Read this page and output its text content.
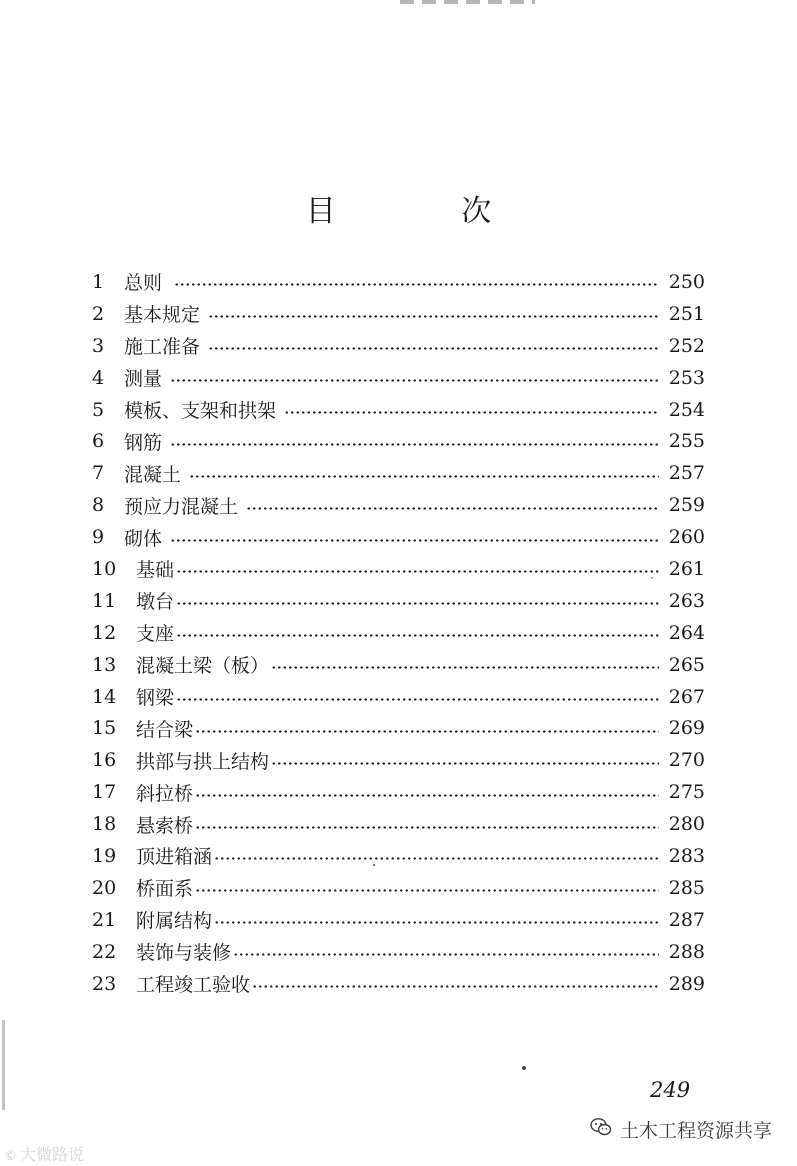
目 次
1	总则	250
2	基本规定	251
3	施工准备	252
4	测量	253
5	模板、支架和拱架	254
6	钢筋	255
7	混凝土	257
8	预应力混凝土	259
9	砌体	260
10	基础	261
11	墩台	263
12	支座	264
13	混凝土梁（板）	265
14	钢梁	267
15	结合梁	269
16	拱部与拱上结构	270
17	斜拉桥	275
18	悬索桥	280
19	顶进箱涵	283
20	桥面系	285
21	附属结构	287
22	装饰与装修	288
23	工程竣工验收	289
249
© 大微路说
土木工程资源共享
